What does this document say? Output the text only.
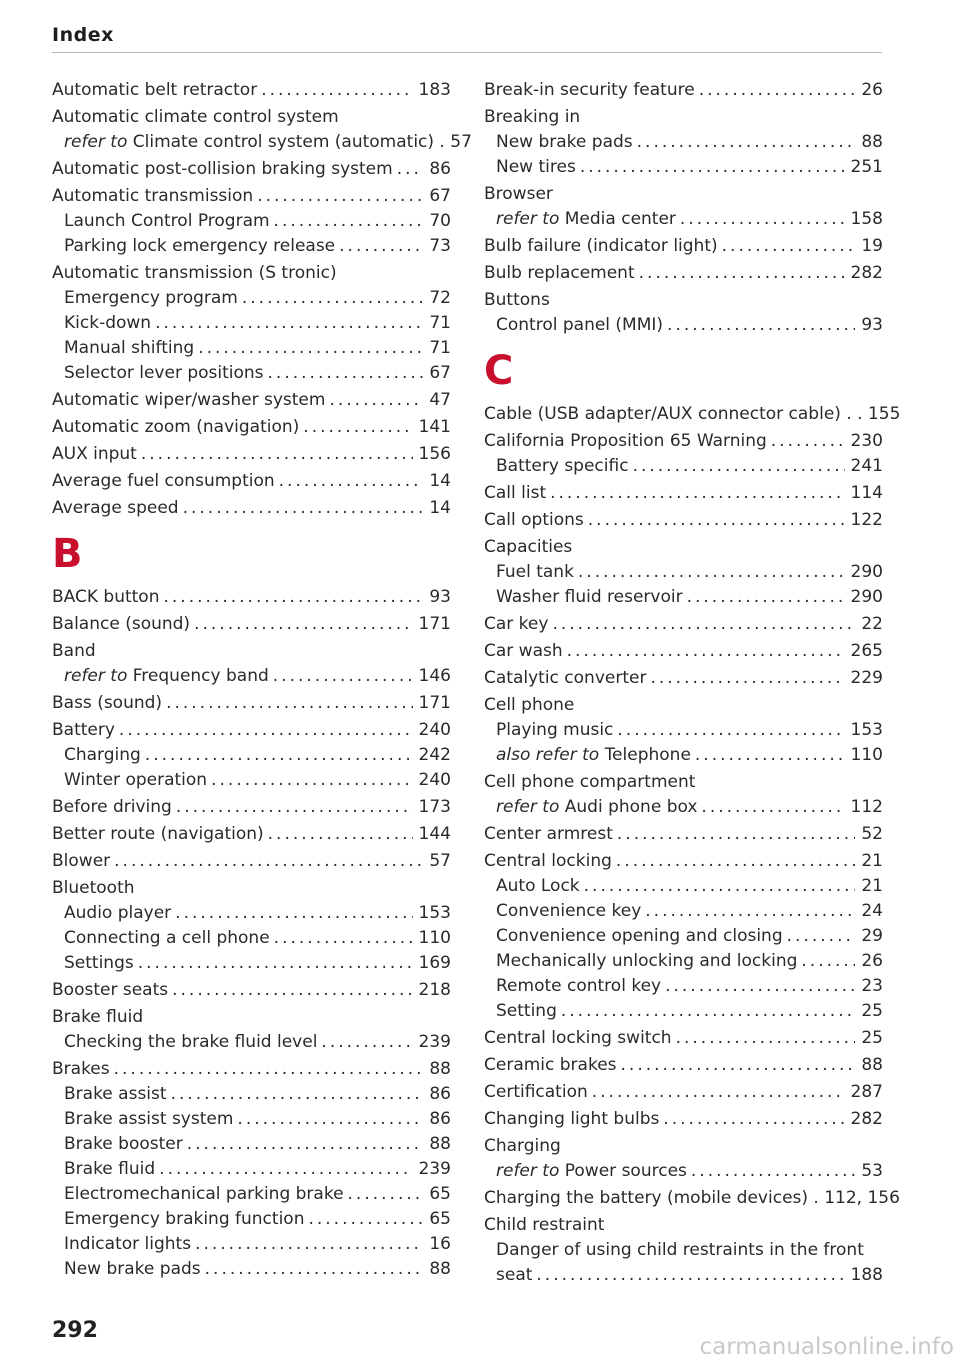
Index
Automatic belt retractor .....	183
Automatic climate control system
refer to Climate control system (automatic) . 57
Automatic post-collision braking system ..... 86
Automatic transmission .....	67
Launch Control Program .....	70
Parking lock emergency release .....	73
Automatic transmission (S tronic)
Emergency program .....	72
Kick-down .....	71
Manual shifting .....	71
Selector lever positions .....	67
Automatic wiper/washer system .....	47
Automatic zoom (navigation) .....	141
AUX input .....	156
Average fuel consumption .....	14
Average speed .....	14
B
BACK button .....	93
Balance (sound) .....	171
Band
refer to Frequency band .....	146
Bass (sound) .....	171
Battery .....	240
Charging .....	242
Winter operation .....	240
Before driving .....	173
Better route (navigation) .....	144
Blower .....	57
Bluetooth
Audio player .....	153
Connecting a cell phone .....	110
Settings .....	169
Booster seats .....	218
Brake fluid
Checking the brake fluid level .....	239
Brakes .....	88
Brake assist .....	86
Brake assist system .....	86
Brake booster .....	88
Brake fluid .....	239
Electromechanical parking brake .....	65
Emergency braking function .....	65
Indicator lights .....	16
New brake pads .....	88
Break-in security feature .....	26
Breaking in
New brake pads .....	88
New tires .....	251
Browser
refer to Media center .....	158
Bulb failure (indicator light) .....	19
Bulb replacement .....	282
Buttons
Control panel (MMI) .....	93
C
Cable (USB adapter/AUX connector cable) . . 155
California Proposition 65 Warning .....	230
Battery specific .....	241
Call list .....	114
Call options .....	122
Capacities
Fuel tank .....	290
Washer fluid reservoir .....	290
Car key .....	22
Car wash .....	265
Catalytic converter .....	229
Cell phone
Playing music .....	153
also refer to Telephone .....	110
Cell phone compartment
refer to Audi phone box .....	112
Center armrest .....	52
Central locking .....	21
Auto Lock .....	21
Convenience key .....	24
Convenience opening and closing .....	29
Mechanically unlocking and locking .....	26
Remote control key .....	23
Setting .....	25
Central locking switch .....	25
Ceramic brakes .....	88
Certification .....	287
Changing light bulbs .....	282
Charging
refer to Power sources .....	53
Charging the battery (mobile devices) . 112, 156
Child restraint
Danger of using child restraints in the front
seat .....	188
292
carmanualsonline.info
